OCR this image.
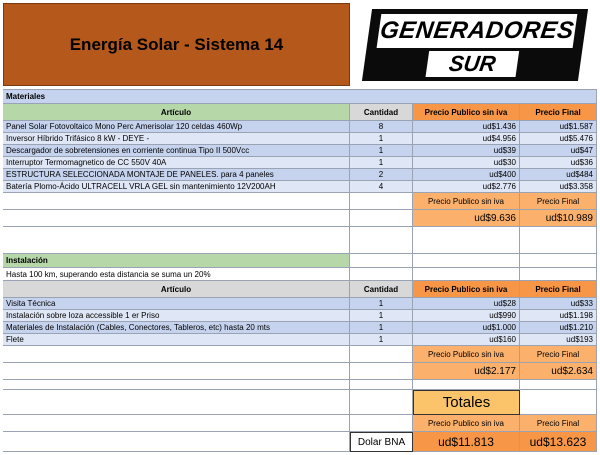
Energía Solar - Sistema 14
GENERADORES
SUR
Materiales
Artículo	Cantidad	Precio Publico sin iva	Precio Final
Panel Solar Fotovoltaico Mono Perc Amerisolar 120 celdas 460Wp	8	ud$1.436	ud$1.587
Inversor Híbrido Trifásico 8 kW - DEYE -	1	ud$4.956	ud$5.476
Descargador de sobretensiones en corriente continua Tipo II 500Vcc	1	ud$39	ud$47
Interruptor Termomagnetico de CC 550V 40A	1	ud$30	ud$36
ESTRUCTURA SELECCIONADA MONTAJE DE PANELES. para 4 paneles	2	ud$400	ud$484
Batería Plomo-Ácido ULTRACELL VRLA GEL sin mantenimiento 12V200AH	4	ud$2.776	ud$3.358
Precio Publico sin iva	Precio Final
ud$9.636	ud$10.989
Instalación
Hasta 100 km, superando esta distancia se suma un 20%
Artículo	Cantidad	Precio Publico sin iva	Precio Final
Visita Técnica	1	ud$28	ud$33
Instalación sobre loza accessible 1 er Priso	1	ud$990	ud$1.198
Materiales de Instalación (Cables, Conectores, Tableros, etc) hasta 20 mts	1	ud$1.000	ud$1.210
Flete	1	ud$160	ud$193
Precio Publico sin iva	Precio Final
ud$2.177	ud$2.634
Totales
Precio Publico sin iva	Precio Final
Dolar BNA	ud$11.813	ud$13.623
